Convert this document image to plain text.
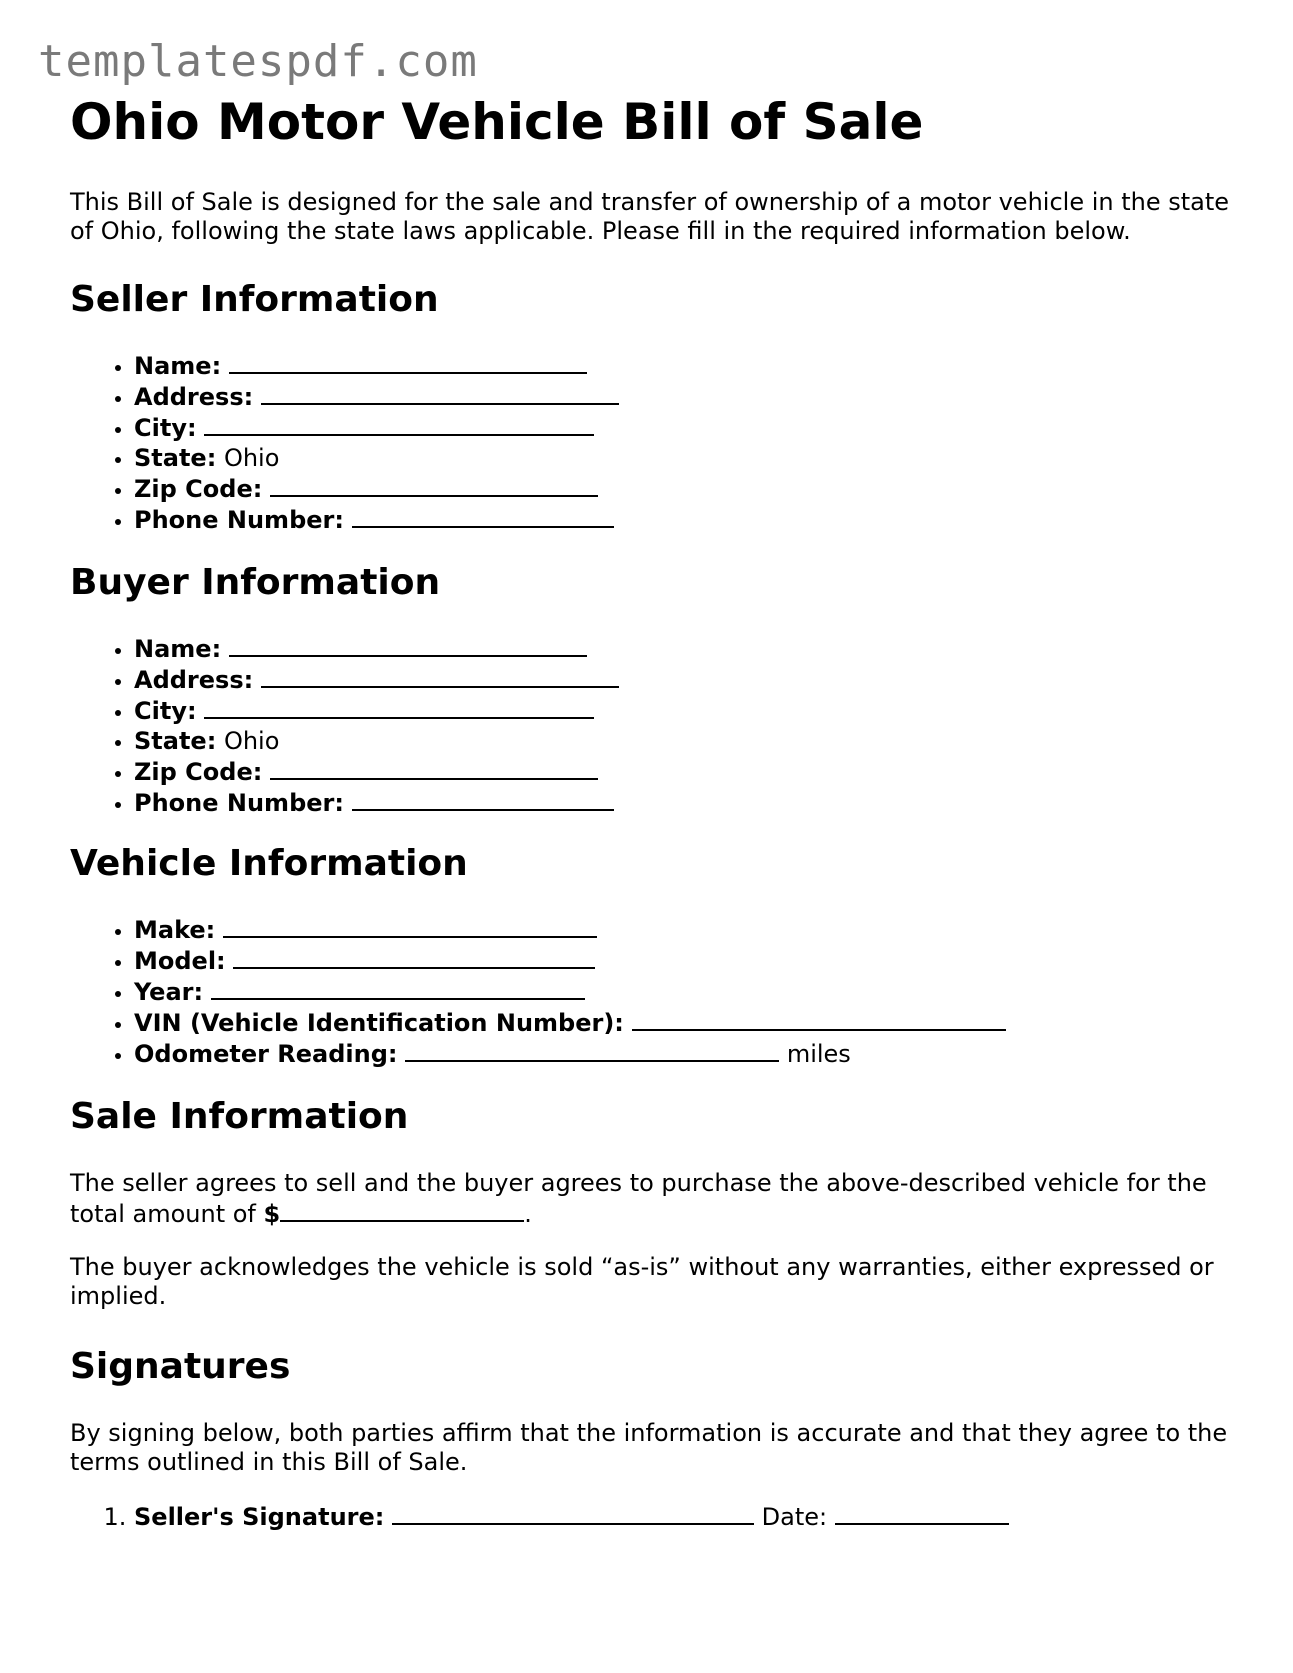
templatespdf.com
Ohio Motor Vehicle Bill of Sale

This Bill of Sale is designed for the sale and transfer of ownership of a motor vehicle in the state of Ohio, following the state laws applicable. Please fill in the required information below.

Seller Information
• Name:
• Address:
• City:
• State: Ohio
• Zip Code:
• Phone Number:
Buyer Information
• Name:
• Address:
• City:
• State: Ohio
• Zip Code:
• Phone Number:
Vehicle Information
• Make:
• Model:
• Year:
• VIN (Vehicle Identification Number):
• Odometer Reading:	miles
Sale Information

The seller agrees to sell and the buyer agrees to purchase the above-described vehicle for the total amount of $	.

The buyer acknowledges the vehicle is sold “as-is” without any warranties, either expressed or implied.

Signatures

By signing below, both parties affirm that the information is accurate and that they agree to the terms outlined in this Bill of Sale.

1. Seller's Signature:	Date:
